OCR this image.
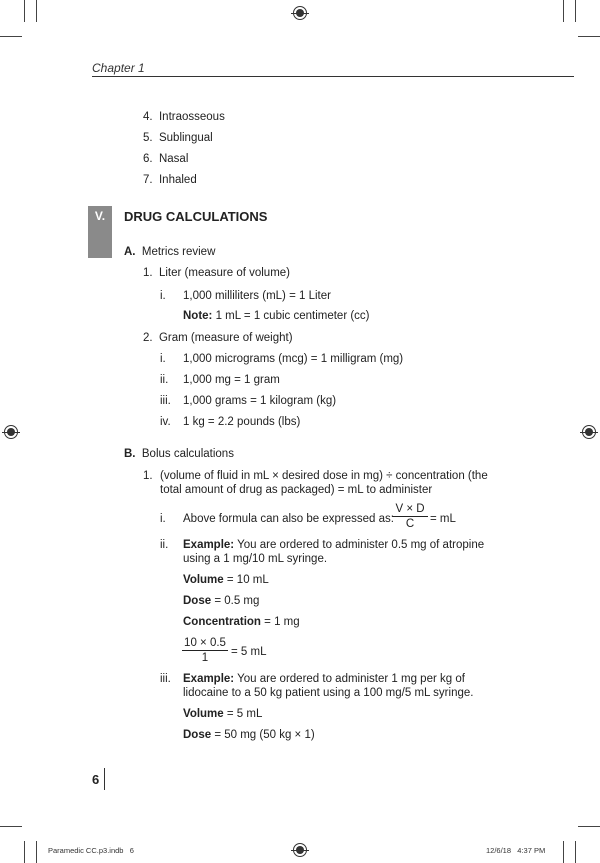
Chapter 1
4. Intraosseous
5. Sublingual
6. Nasal
7. Inhaled
V.	DRUG CALCULATIONS
A. Metrics review
1. Liter (measure of volume)
i. 1,000 milliliters (mL) = 1 Liter
Note: 1 mL = 1 cubic centimeter (cc)
2. Gram (measure of weight)
i. 1,000 micrograms (mcg) = 1 milligram (mg)
ii. 1,000 mg = 1 gram
iii. 1,000 grams = 1 kilogram (kg)
iv. 1 kg = 2.2 pounds (lbs)
B. Bolus calculations
1. (volume of fluid in mL × desired dose in mg) ÷ concentration (the
total amount of drug as packaged) = mL to administer
i. Above formula can also be expressed as:
$\frac{V \times D}{C}$ = mL
ii. Example: You are ordered to administer 0.5 mg of atropine
using a 1 mg/10 mL syringe.
Volume = 10 mL
Dose = 0.5 mg
Concentration = 1 mg
$\frac{10 \times 0.5}{1} = 5$ mL
iii. Example: You are ordered to administer 1 mg per kg of
lidocaine to a 50 kg patient using a 100 mg/5 mL syringe.
Volume = 5 mL
Dose = 50 mg (50 kg × 1)
6
Paramedic CC.p3.indb   6	12/6/18   4:37 PM
